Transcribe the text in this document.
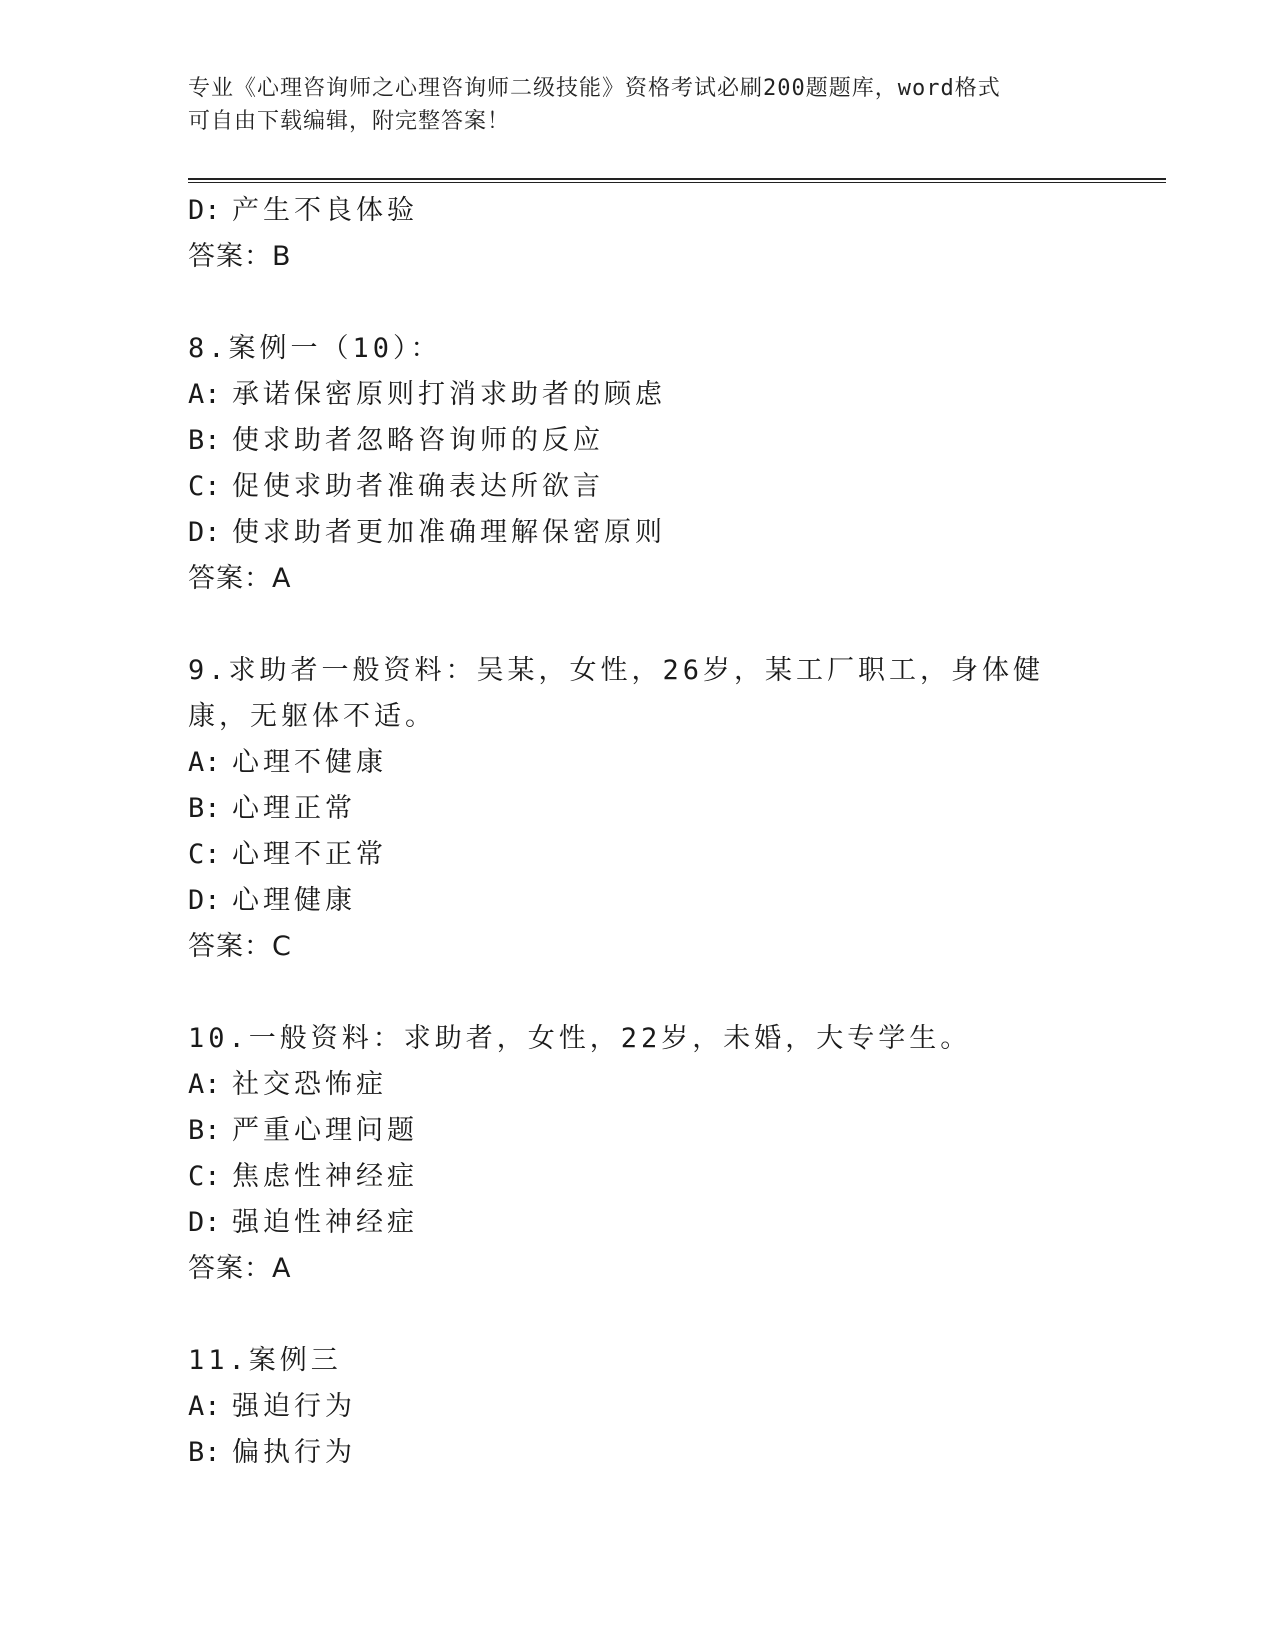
专业《心理咨询师之心理咨询师二级技能》资格考试必刷200题题库，word格式
可自由下载编辑，附完整答案！
D: 产生不良体验
答案：B
8.案例一（10）：
A: 承诺保密原则打消求助者的顾虑
B: 使求助者忽略咨询师的反应
C: 促使求助者准确表达所欲言
D: 使求助者更加准确理解保密原则
答案：A
9.求助者一般资料：吴某，女性，26岁，某工厂职工，身体健康，无躯体不适。
A: 心理不健康
B: 心理正常
C: 心理不正常
D: 心理健康
答案：C
10.一般资料：求助者，女性，22岁，未婚，大专学生。
A: 社交恐怖症
B: 严重心理问题
C: 焦虑性神经症
D: 强迫性神经症
答案：A
11.案例三
A: 强迫行为
B: 偏执行为
